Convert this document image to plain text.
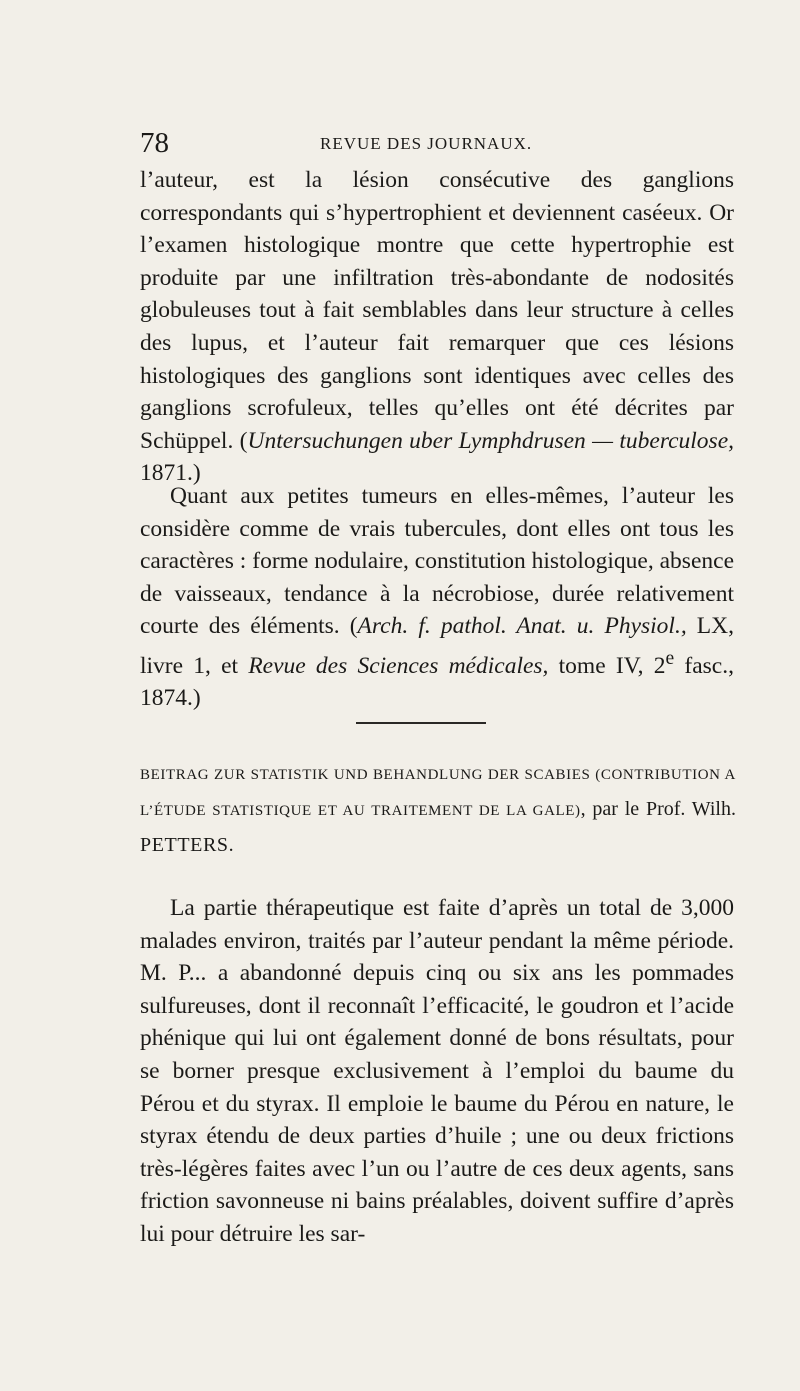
78	REVUE DES JOURNAUX.

l’auteur, est la lésion consécutive des ganglions correspondants qui s’hypertrophient et deviennent caséeux. Or l’examen histologique montre que cette hypertrophie est produite par une infiltration très-abondante de nodosités globuleuses tout à fait semblables dans leur structure à celles des lupus, et l’auteur fait remarquer que ces lésions histologiques des ganglions sont identiques avec celles des ganglions scrofuleux, telles qu’elles ont été décrites par Schüppel. (Untersuchungen uber Lymphdrusen — tuberculose, 1871.)

Quant aux petites tumeurs en elles-mêmes, l’auteur les considère comme de vrais tubercules, dont elles ont tous les caractères : forme nodulaire, constitution histologique, absence de vaisseaux, tendance à la nécrobiose, durée relativement courte des éléments. (Arch. f. pathol. Anat. u. Physiol., LX, livre 1, et Revue des Sciences médicales, tome IV, 2e fasc., 1874.)

BEITRAG ZUR STATISTIK UND BEHANDLUNG DER SCABIES (CONTRIBUTION A L’ÉTUDE STATISTIQUE ET AU TRAITEMENT DE LA GALE), par le Prof. Wilh. PETTERS.

La partie thérapeutique est faite d’après un total de 3,000 malades environ, traités par l’auteur pendant la même période. M. P... a abandonné depuis cinq ou six ans les pommades sulfureuses, dont il reconnaît l’efficacité, le goudron et l’acide phénique qui lui ont également donné de bons résultats, pour se borner presque exclusivement à l’emploi du baume du Pérou et du styrax. Il emploie le baume du Pérou en nature, le styrax étendu de deux parties d’huile ; une ou deux frictions très-légères faites avec l’un ou l’autre de ces deux agents, sans friction savonneuse ni bains préalables, doivent suffire d’après lui pour détruire les sar-
